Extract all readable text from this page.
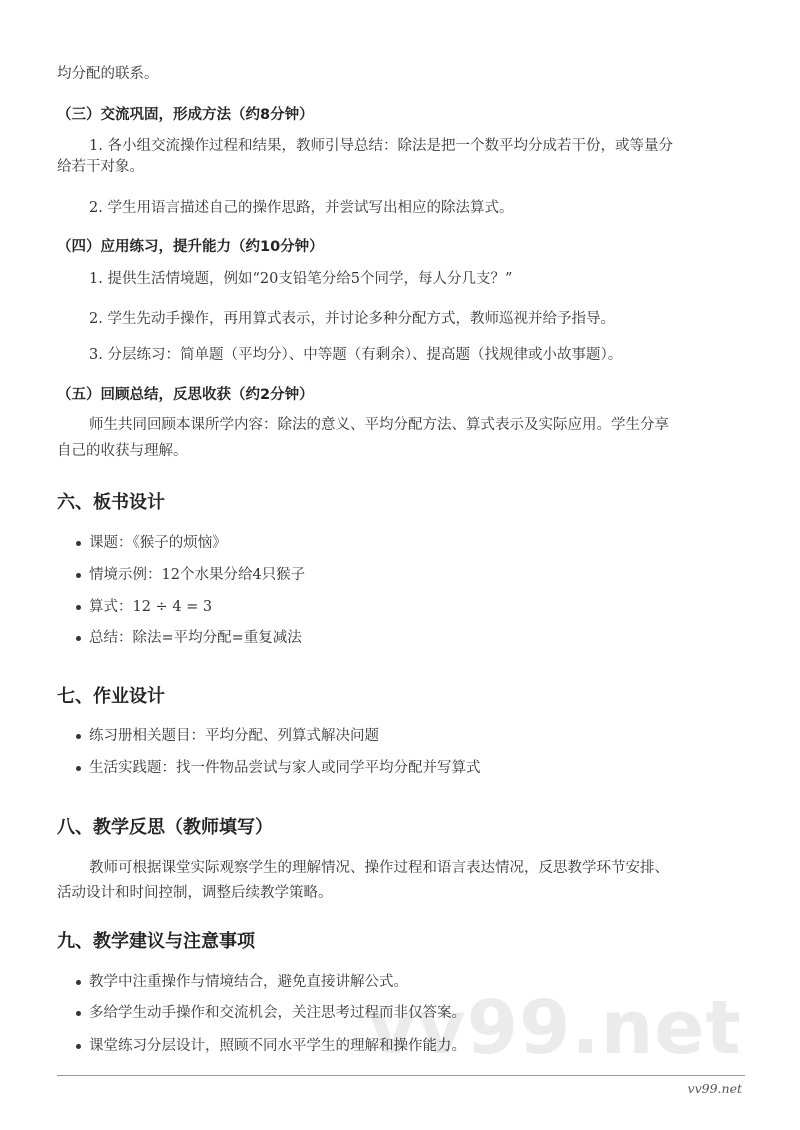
vv99.net
均分配的联系。
（三）交流巩固，形成方法（约8分钟）
1. 各小组交流操作过程和结果，教师引导总结：除法是把一个数平均分成若干份，或等量分
给若干对象。
2. 学生用语言描述自己的操作思路，并尝试写出相应的除法算式。
（四）应用练习，提升能力（约10分钟）
1. 提供生活情境题，例如“20支铅笔分给5个同学，每人分几支？”
2. 学生先动手操作，再用算式表示，并讨论多种分配方式，教师巡视并给予指导。
3. 分层练习：简单题（平均分）、中等题（有剩余）、提高题（找规律或小故事题）。
（五）回顾总结，反思收获（约2分钟）
师生共同回顾本课所学内容：除法的意义、平均分配方法、算式表示及实际应用。学生分享
自己的收获与理解。
六、板书设计
课题：《猴子的烦恼》
情境示例：12个水果分给4只猴子
算式：12 ÷ 4 = 3
总结：除法=平均分配=重复减法
七、作业设计
练习册相关题目：平均分配、列算式解决问题
生活实践题：找一件物品尝试与家人或同学平均分配并写算式
八、教学反思（教师填写）
教师可根据课堂实际观察学生的理解情况、操作过程和语言表达情况，反思教学环节安排、
活动设计和时间控制，调整后续教学策略。
九、教学建议与注意事项
教学中注重操作与情境结合，避免直接讲解公式。
多给学生动手操作和交流机会，关注思考过程而非仅答案。
课堂练习分层设计，照顾不同水平学生的理解和操作能力。
vv99.net
